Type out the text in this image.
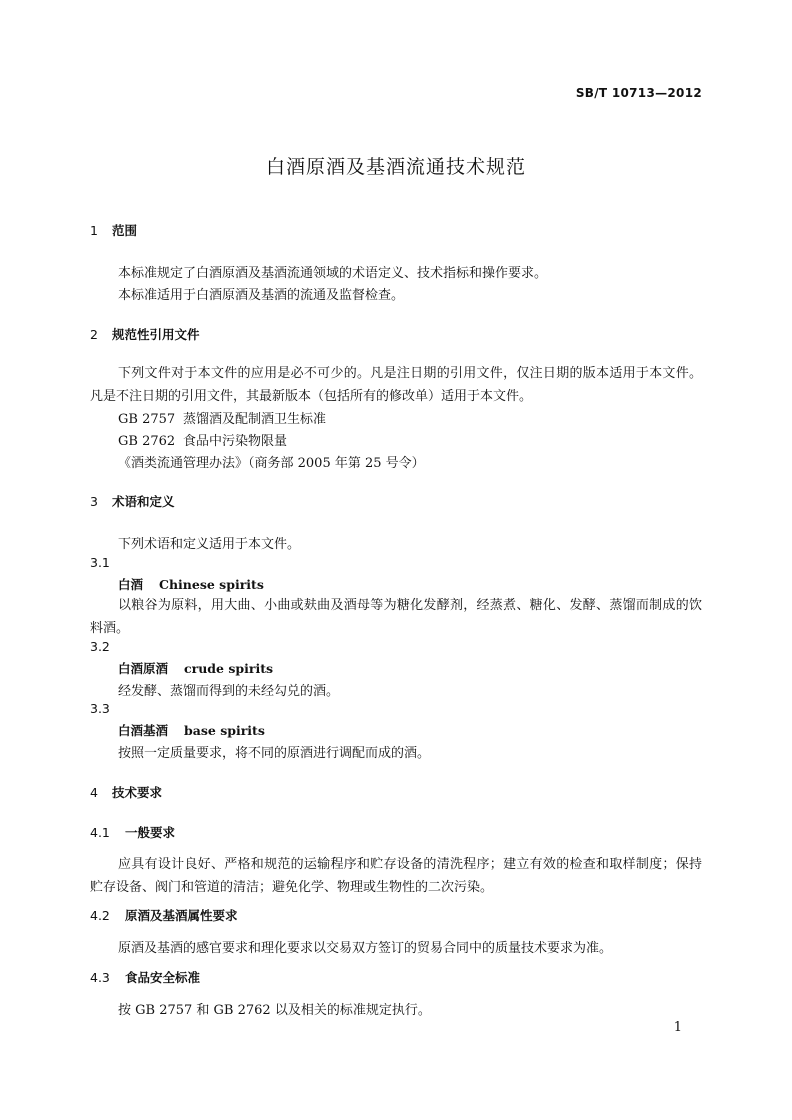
SB/T 10713—2012
白酒原酒及基酒流通技术规范
1 范围
本标准规定了白酒原酒及基酒流通领域的术语定义、技术指标和操作要求。
本标准适用于白酒原酒及基酒的流通及监督检查。
2 规范性引用文件
下列文件对于本文件的应用是必不可少的。凡是注日期的引用文件，仅注日期的版本适用于本文件。凡是不注日期的引用文件，其最新版本（包括所有的修改单）适用于本文件。
GB 2757 蒸馏酒及配制酒卫生标准
GB 2762 食品中污染物限量
《酒类流通管理办法》（商务部 2005 年第 25 号令）
3 术语和定义
下列术语和定义适用于本文件。
3.1
白酒 Chinese spirits
以粮谷为原料，用大曲、小曲或麸曲及酒母等为糖化发酵剂，经蒸煮、糖化、发酵、蒸馏而制成的饮料酒。
3.2
白酒原酒 crude spirits
经发酵、蒸馏而得到的未经勾兑的酒。
3.3
白酒基酒 base spirits
按照一定质量要求，将不同的原酒进行调配而成的酒。
4 技术要求
4.1 一般要求
应具有设计良好、严格和规范的运输程序和贮存设备的清洗程序；建立有效的检查和取样制度；保持贮存设备、阀门和管道的清洁；避免化学、物理或生物性的二次污染。
4.2 原酒及基酒属性要求
原酒及基酒的感官要求和理化要求以交易双方签订的贸易合同中的质量技术要求为准。
4.3 食品安全标准
按 GB 2757 和 GB 2762 以及相关的标准规定执行。
1
